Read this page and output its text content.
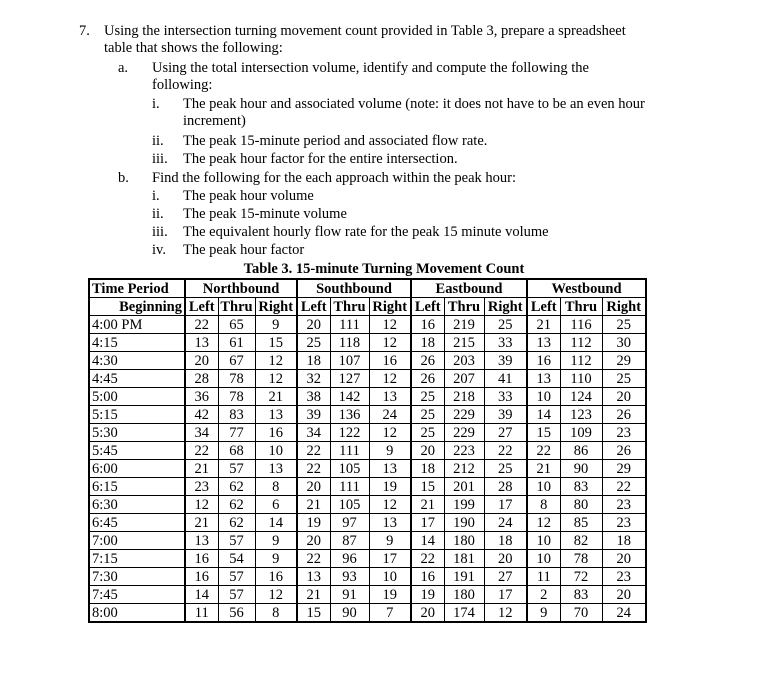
7. Using the intersection turning movement count provided in Table 3, prepare a spreadsheet
table that shows the following:
a. Using the total intersection volume, identify and compute the following the
following:
i. The peak hour and associated volume (note: it does not have to be an even hour
increment)
ii. The peak 15-minute period and associated flow rate.
iii. The peak hour factor for the entire intersection.
b. Find the following for the each approach within the peak hour:
i. The peak hour volume
ii. The peak 15-minute volume
iii. The equivalent hourly flow rate for the peak 15 minute volume
iv. The peak hour factor
Table 3. 15-minute Turning Movement Count
Time Period	Northbound			Southbound			Eastbound			Westbound		
Beginning	Left	Thru	Right	Left	Thru	Right	Left	Thru	Right	Left	Thru	Right
4:00 PM	22	65	9	20	111	12	16	219	25	21	116	25
4:15	13	61	15	25	118	12	18	215	33	13	112	30
4:30	20	67	12	18	107	16	26	203	39	16	112	29
4:45	28	78	12	32	127	12	26	207	41	13	110	25
5:00	36	78	21	38	142	13	25	218	33	10	124	20
5:15	42	83	13	39	136	24	25	229	39	14	123	26
5:30	34	77	16	34	122	12	25	229	27	15	109	23
5:45	22	68	10	22	111	9	20	223	22	22	86	26
6:00	21	57	13	22	105	13	18	212	25	21	90	29
6:15	23	62	8	20	111	19	15	201	28	10	83	22
6:30	12	62	6	21	105	12	21	199	17	8	80	23
6:45	21	62	14	19	97	13	17	190	24	12	85	23
7:00	13	57	9	20	87	9	14	180	18	10	82	18
7:15	16	54	9	22	96	17	22	181	20	10	78	20
7:30	16	57	16	13	93	10	16	191	27	11	72	23
7:45	14	57	12	21	91	19	19	180	17	2	83	20
8:00	11	56	8	15	90	7	20	174	12	9	70	24
